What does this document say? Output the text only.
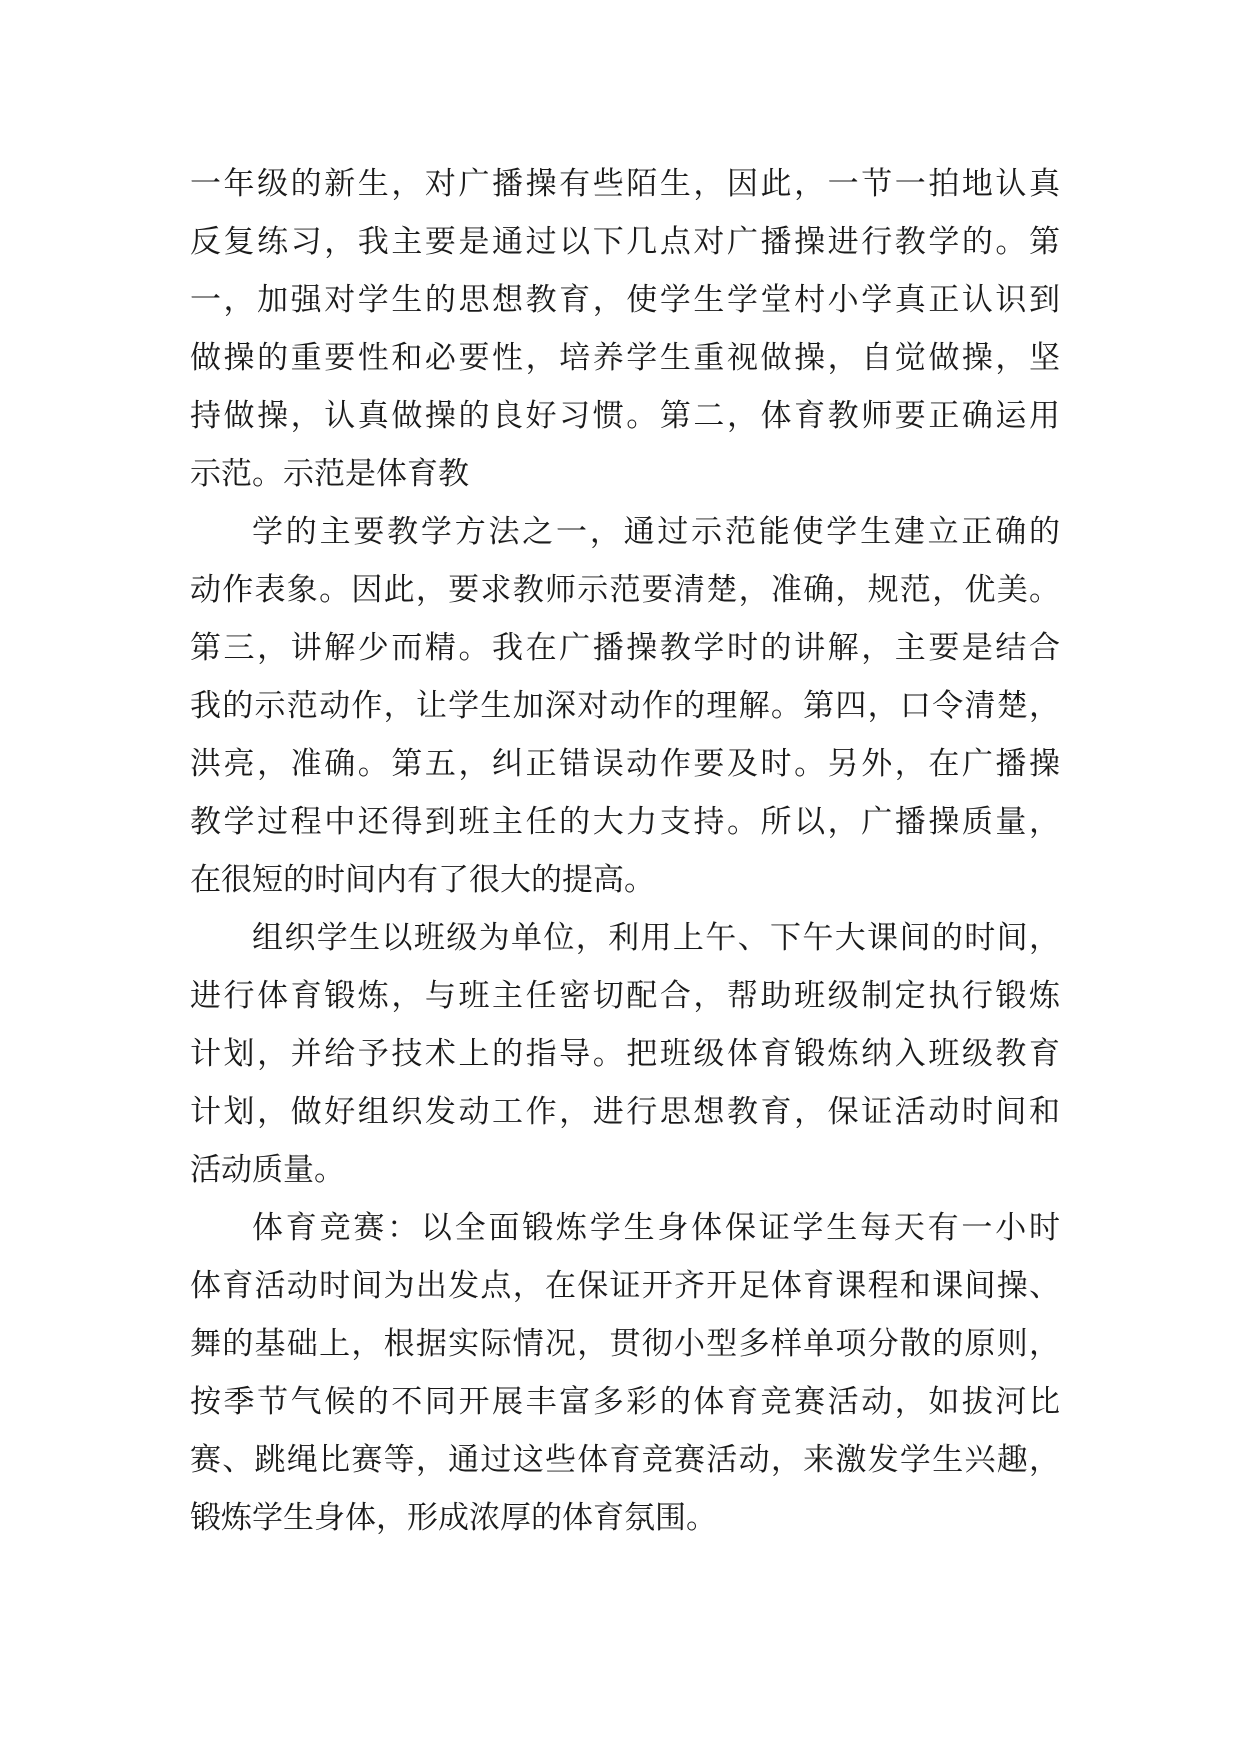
一年级的新生，对广播操有些陌生，因此，一节一拍地认真
反复练习，我主要是通过以下几点对广播操进行教学的。第
一，加强对学生的思想教育，使学生学堂村小学真正认识到
做操的重要性和必要性，培养学生重视做操，自觉做操，坚
持做操，认真做操的良好习惯。第二，体育教师要正确运用
示范。示范是体育教
学的主要教学方法之一，通过示范能使学生建立正确的
动作表象。因此，要求教师示范要清楚，准确，规范，优美。
第三，讲解少而精。我在广播操教学时的讲解，主要是结合
我的示范动作，让学生加深对动作的理解。第四，口令清楚，
洪亮，准确。第五，纠正错误动作要及时。另外，在广播操
教学过程中还得到班主任的大力支持。所以，广播操质量，
在很短的时间内有了很大的提高。
组织学生以班级为单位，利用上午、下午大课间的时间，
进行体育锻炼，与班主任密切配合，帮助班级制定执行锻炼
计划，并给予技术上的指导。把班级体育锻炼纳入班级教育
计划，做好组织发动工作，进行思想教育，保证活动时间和
活动质量。
体育竞赛：以全面锻炼学生身体保证学生每天有一小时
体育活动时间为出发点，在保证开齐开足体育课程和课间操、
舞的基础上，根据实际情况，贯彻小型多样单项分散的原则，
按季节气候的不同开展丰富多彩的体育竞赛活动，如拔河比
赛、跳绳比赛等，通过这些体育竞赛活动，来激发学生兴趣，
锻炼学生身体，形成浓厚的体育氛围。
